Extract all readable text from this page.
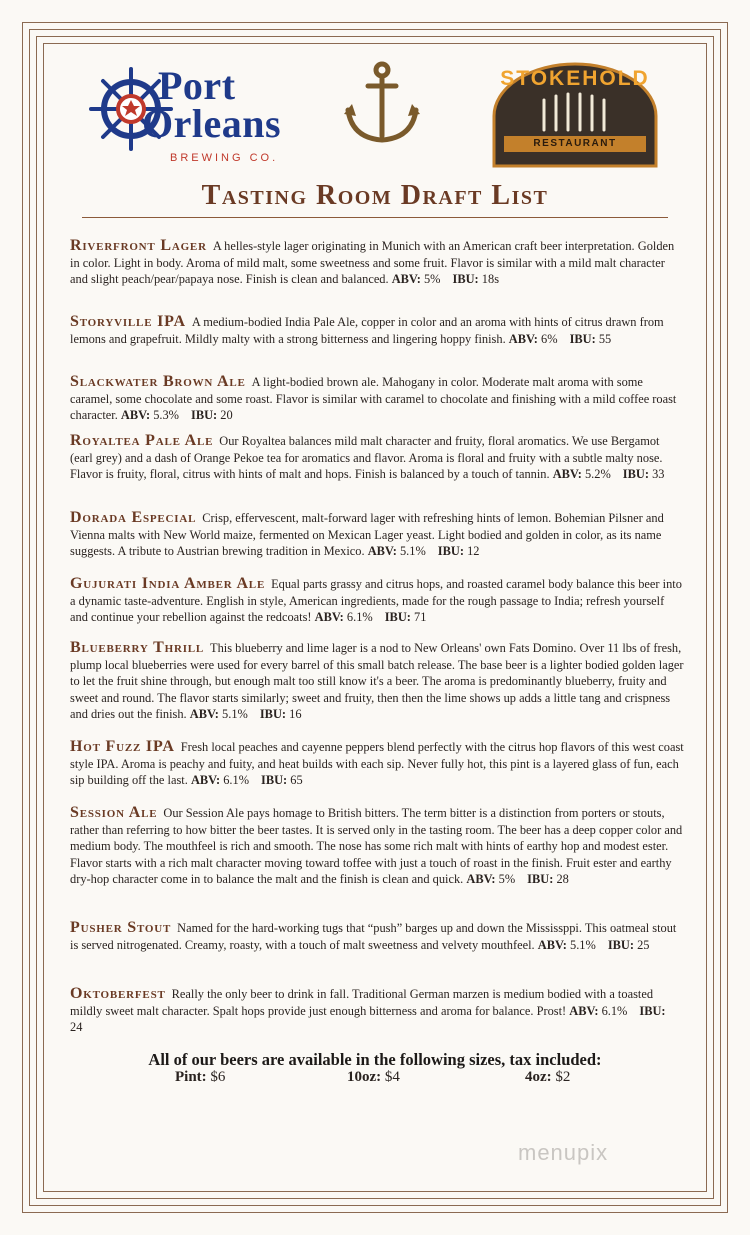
Port
Orleans
BREWING CO.
STOKEHOLD
RESTAURANT
Tasting Room Draft List
Riverfront Lager A helles-style lager originating in Munich with an American craft beer interpretation. Golden in color. Light in body. Aroma of mild malt, some sweetness and some fruit. Flavor is similar with a mild malt character and slight peach/pear/papaya nose. Finish is clean and balanced. ABV: 5% IBU: 18s
Storyville IPA A medium-bodied India Pale Ale, copper in color and an aroma with hints of citrus drawn from lemons and grapefruit. Mildly malty with a strong bitterness and lingering hoppy finish. ABV: 6% IBU: 55
Slackwater Brown Ale A light-bodied brown ale. Mahogany in color. Moderate malt aroma with some caramel, some chocolate and some roast. Flavor is similar with caramel to chocolate and finishing with a mild coffee roast character. ABV: 5.3% IBU: 20
Royaltea Pale Ale Our Royaltea balances mild malt character and fruity, floral aromatics. We use Bergamot (earl grey) and a dash of Orange Pekoe tea for aromatics and flavor. Aroma is floral and fruity with a subtle malty nose. Flavor is fruity, floral, citrus with hints of malt and hops. Finish is balanced by a touch of tannin. ABV: 5.2% IBU: 33
Dorada Especial Crisp, effervescent, malt-forward lager with refreshing hints of lemon. Bohemian Pilsner and Vienna malts with New World maize, fermented on Mexican Lager yeast. Light bodied and golden in color, as its name suggests. A tribute to Austrian brewing tradition in Mexico. ABV: 5.1% IBU: 12
Gujurati India Amber Ale Equal parts grassy and citrus hops, and roasted caramel body balance this beer into a dynamic taste-adventure. English in style, American ingredients, made for the rough passage to India; refresh yourself and continue your rebellion against the redcoats! ABV: 6.1% IBU: 71
Blueberry Thrill This blueberry and lime lager is a nod to New Orleans' own Fats Domino. Over 11 lbs of fresh, plump local blueberries were used for every barrel of this small batch release. The base beer is a lighter bodied golden lager to let the fruit shine through, but enough malt too still know it's a beer. The aroma is predominantly blueberry, fruity and sweet and round. The flavor starts similarly; sweet and fruity, then then the lime shows up adds a little tang and crispness and dries out the finish. ABV: 5.1% IBU: 16
Hot Fuzz IPA Fresh local peaches and cayenne peppers blend perfectly with the citrus hop flavors of this west coast style IPA. Aroma is peachy and fuity, and heat builds with each sip. Never fully hot, this pint is a layered glass of fun, each sip building off the last. ABV: 6.1% IBU: 65
Session Ale Our Session Ale pays homage to British bitters. The term bitter is a distinction from porters or stouts, rather than referring to how bitter the beer tastes. It is served only in the tasting room. The beer has a deep copper color and medium body. The mouthfeel is rich and smooth. The nose has some rich malt with hints of earthy hop and modest ester. Flavor starts with a rich malt character moving toward toffee with just a touch of roast in the finish. Fruit ester and earthy dry-hop character come in to balance the malt and the finish is clean and quick. ABV: 5% IBU: 28
Pusher Stout Named for the hard-working tugs that “push” barges up and down the Mississppi. This oatmeal stout is served nitrogenated. Creamy, roasty, with a touch of malt sweetness and velvety mouthfeel. ABV: 5.1% IBU: 25
Oktoberfest Really the only beer to drink in fall. Traditional German marzen is medium bodied with a toasted mildly sweet malt character. Spalt hops provide just enough bitterness and aroma for balance. Prost! ABV: 6.1% IBU: 24
All of our beers are available in the following sizes, tax included:
Pint: $6	10oz: $4	4oz: $2
menupix
